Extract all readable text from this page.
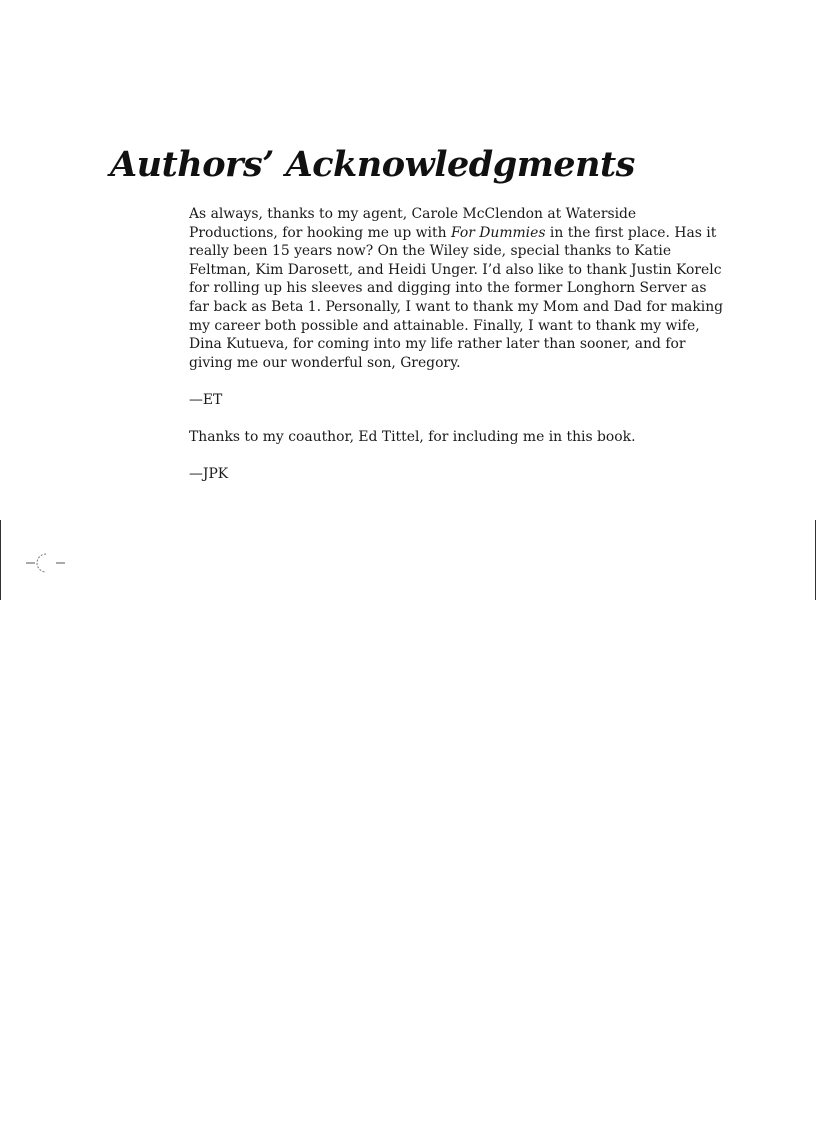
Authors’ Acknowledgments

As always, thanks to my agent, Carole McClendon at Waterside Productions, for hooking me up with For Dummies in the first place. Has it really been 15 years now? On the Wiley side, special thanks to Katie Feltman, Kim Darosett, and Heidi Unger. I’d also like to thank Justin Korelc for rolling up his sleeves and digging into the former Longhorn Server as far back as Beta 1. Personally, I want to thank my Mom and Dad for making my career both possible and attainable. Finally, I want to thank my wife, Dina Kutueva, for coming into my life rather later than sooner, and for giving me our wonderful son, Gregory.

—ET

Thanks to my coauthor, Ed Tittel, for including me in this book.

—JPK
